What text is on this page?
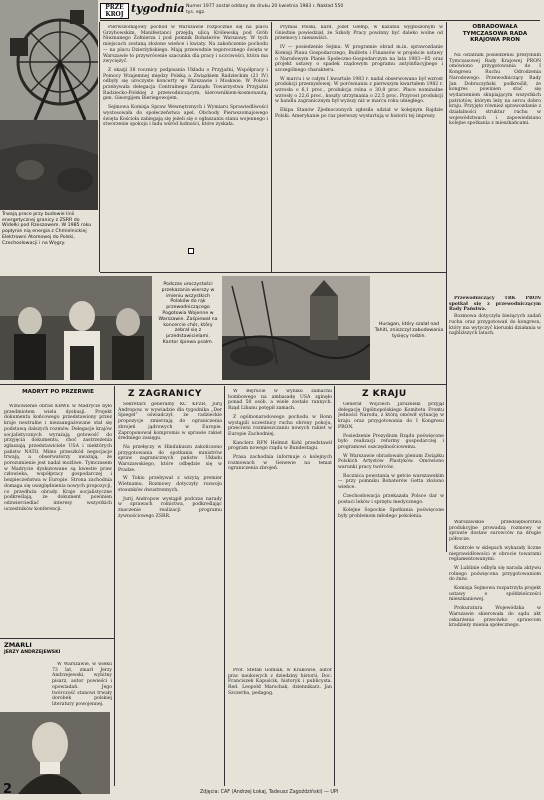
PRZE
KROJ tygodnia Numer 1977 został oddany do druku 20 kwietnia 1983 r. Nakład 550 tys. egz.
Trwają prace przy budowie linii energetycznej granicy z ZSRR do Widełki pod Rzeszowem. W 1985 roku popłynie nią energia z Chmielnickiej Elektrowni Atomowej do Polski, Czechosłowacji i na Węgry.

Pierwszomajowy pochód w Warszawie rozpocznie się na placu Grzybowskim. Manifestanci przejdą ulicą Królewską pod Grób Nieznanego Żołnierza i pod pomnik Bohaterów Warszawy. W tych miejscach zostaną złożone wieńce i kwiaty. Na zakończenie pochodu — na placu Dzierżyńskiego. Mają przewodnie tegorocznego święta w Warszawie to przywrócenie szacunku dla pracy i uczciwości, która ma zwyciężyć.

Z okazji 38 rocznicy podpisania Układu o Przyjaźni, Współpracy i Pomocy Wzajemnej między Polską a Związkiem Radzieckim (21 IV) odbyły się uroczyste koncerty w Warszawie i Moskwie. W Polsce przebywała delegacja Centralnego Zarządu Towarzystwa Przyjaźni Radziecko-Polskiej z przewodniczącym, kierownikiem-kosmonautą, gen. Gieorgijem Bieriegowojem.

Sejmowa Komisja Spraw Wewnętrznych i Wymiaru Sprawiedliwości wystosowała do społeczeństwa apel. Obchody Pierwszomajowego święta Kościoła zabiegają się jeżeli się o ogłaszaniu stanu wojennego i stworzenie spokoju i ładu wśród ludności, które zyskała.

Prymas Polski, kard. Józef Glemp, w kazaniu wygłoszonym w Gnieźnie powiedział, że Szkoły Pracy powinny być daleko wolne od przemocy i nienawiści.

IV — posiedzenie Sejmu. W programie obrad m.in. sprawozdanie Komisji Planu Gospodarczego, Budżetu i Finansów w projekcie ustawy o Narodowym Planie Społeczno-Gospodarczym na lata 1983—85 oraz projekt ustawy o spadek rządowym programu antyinflacyjnego i szczególnego charakteru.

W marcu i w całym I kwartale 1983 r. nadal obserwowano był wzrost produkcji przemysłowej. W porównaniu z pierwszym kwartałem 1982 r. wzrosła o 6,1 proc., produkcja rolna o 30,8 proc. Płace nominalne wzrosły o 22,6 proc., koszty utrzymania o 22,5 proc. Przyrost produkcji w handlu zagranicznym był wyższy niż w marcu roku ubiegłego.

Ekipa Stanów Zjednoczonych zgłosiła udział w kolejnym Rajdzie Polski. Amerykanie po raz pierwszy wystartują w historii tej imprezy.

OBRADOWAŁA TYMCZASOWA RADA KRAJOWA PRON

Na ostatnim posiedzeniu prezydium Tymczasowej Rady Krajowej PRON omówiono przygotowania do I Kongresu Ruchu Odrodzenia Narodowego. Przewodniczący Rady Jan Dobraczyński podkreślił, że kongres powinien stać się wydarzeniem skupiającym wszystkich patriotów, którym leży na sercu dobro kraju. Przyjęto również sprawozdanie z działalności struktur ruchu w województwach i zapowiedziano kolejne spotkania z mieszkańcami.

Przewodniczący TRK PRON spotkał się z przewodniczącym Rady Państwa.

Rozmowa dotyczyła bieżących zadań ruchu oraz przygotowań do kongresu, który ma wytyczyć kierunki działania w najbliższych latach.

Podczas uroczystości przekazania wierszy w imieniu wszystkich Polaków do rąk przewodniczącego Pogotowia Wojenne w Warszawie. Zaśpiewał na koncercie chór, który zebrał się z przedstawicielami. Kantor śpiewa psalm.
Huragan, który szalał nad Tahiti, zniszczył zabudowania tysięcy rodzin.
MADRYT PO PRZERWIE

Wznowienie obrad KBWE w Madrycie było przedmiotem wielu dyskusji. Projekt dokumentu końcowego przedstawiony przez kraje neutralne i niezaangażowane stał się podstawą dalszych rozmów. Delegacje krajów socjalistycznych wyrażają gotowość do przyjęcia dokumentu, choć zastrzeżenia zgłaszają przedstawiciele USA i niektórych państw NATO. Mimo przeszkód negocjacje trwają, a obserwatorzy uważają, że porozumienie jest nadal możliwe. Tymczasem w Madrycie dyskutowane są kwestie praw człowieka, współpracy gospodarczej i bezpieczeństwa w Europie. Strona zachodnia domaga się uwzględnienia nowych propozycji, co przedłuża obrady. Kraje socjalistyczne podkreślają, że dokument powinien odzwierciedlać interesy wszystkich uczestników konferencji.

ZMARLI
JERZY ANDRZEJEWSKI

W Warszawie, w wieku 73 lat, zmarł Jerzy Andrzejewski, wybitny pisarz, autor powieści i opowiadań. Jego twórczość stanowi trwały dorobek polskiej literatury powojennej.

Z ZAGRANICY

Sekretarz generalny KC KPZR, Jurij Andropow, w wywiadzie dla tygodnika „Der Spiegel” oświadczył, że radzieckie propozycje zmierzają do ograniczenia zbrojeń jądrowych w Europie. Zaproponował kompromis w sprawie rakiet średniego zasięgu.

Na przełęczy w Hindukuszu zakończono przygotowania do spotkania ministrów spraw zagranicznych państw Układu Warszawskiego, które odbędzie się w Pradze.

W Tokio przebywał z wizytą premier Wietnamu. Rozmowy dotyczyły rozwoju stosunków dwustronnych.

Jurij Andropow wystąpił podczas narady w sprawach rolnictwa, podkreślając znaczenie realizacji programu żywnościowego ZSRR.

W Bejrucie w wyniku zamachu bombowego na ambasadę USA zginęło ponad 50 osób, a wiele zostało rannych. Rząd Libanu potępił zamach.

Z ogólnonarodowego pochodu w Bonn wystąpili uczestnicy ruchu obrony pokoju, przeciwni rozmieszczaniu nowych rakiet w Europie Zachodniej.

Kanclerz RFN Helmut Kohl przedstawił program nowego rządu w Bundestagu.

Prasa zachodnia informuje o kolejnych rozmowach w Genewie na temat ograniczenia zbrojeń.

Prof. Stefan Gómiak, w Krakowie, autor prac naukowych z dziedziny historii. Doc. Franciszek Kapuścik, historyk i publicysta. Red. Leopold Marschak, dziennikarz. Jan Szczerba, pedagog.

Z KRAJU

Generał Wojciech Jaruzelski przyjął delegację Ogólnopolskiego Komitetu Frontu Jedności Narodu, z którą omówił sytuację w kraju oraz przygotowania do I Kongresu PRON.

Posiedzenie Prezydium Rządu poświęcone było realizacji reformy gospodarczej i programowi oszczędnościowemu.

W Warszawie obradowało plenum Związku Polskich Artystów Plastyków. Omówiono warunki pracy twórców.

Rocznica powstania w getcie warszawskim — przy pomniku Bohaterów Getta złożono wieńce.

Czechosłowacja przekazała Polsce dar w postaci leków i sprzętu medycznego.

Kolejne Sopockie Spotkania poświęcone były problemom młodego pokolenia.

Warszawskie przedsiębiorstwa produkcyjne prowadzą rozmowy w sprawie dostaw surowców na drugie półrocze.

Kontrole w sklepach wykazały liczne nieprawidłowości w obrocie towarami reglamentowanymi.

W Lublinie odbyła się narada aktywu rolnego poświęcona przygotowaniom do żniw.

Komisja Sejmowa rozpatrzyła projekt ustawy o spółdzielczości mieszkaniowej.

Prokuratura Wojewódzka w Warszawie skierowała do sądu akt oskarżenia przeciwko sprawcom kradzieży mienia społecznego.

2	Zdjęcia: CAF (Andrzej Łokaj, Tadeusz Zagoździński) — UPI
